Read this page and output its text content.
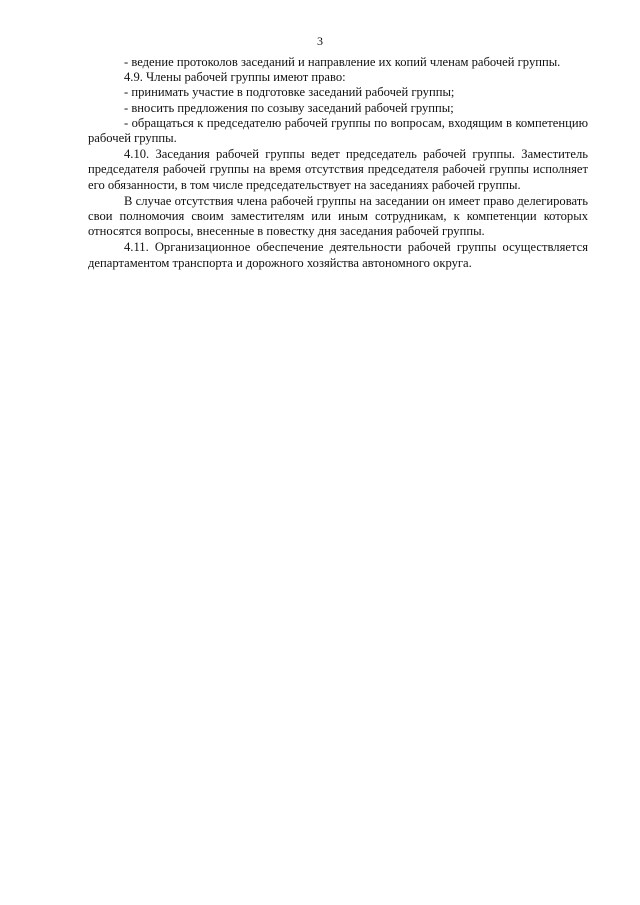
3

- ведение протоколов заседаний и направление их копий членам рабочей группы.

4.9. Члены рабочей группы имеют право:

- принимать участие в подготовке заседаний рабочей группы;

- вносить предложения по созыву заседаний рабочей группы;

- обращаться к председателю рабочей группы по вопросам, входящим в компетенцию рабочей группы.

4.10. Заседания рабочей группы ведет председатель рабочей группы. Заместитель председателя рабочей группы на время отсутствия председателя рабочей группы исполняет его обязанности, в том числе председательствует на заседаниях рабочей группы.

В случае отсутствия члена рабочей группы на заседании он имеет право делегировать свои полномочия своим заместителям или иным сотрудникам, к компетенции которых относятся вопросы, внесенные в повестку дня заседания рабочей группы.

4.11. Организационное обеспечение деятельности рабочей группы осуществляется департаментом транспорта и дорожного хозяйства автономного округа.
